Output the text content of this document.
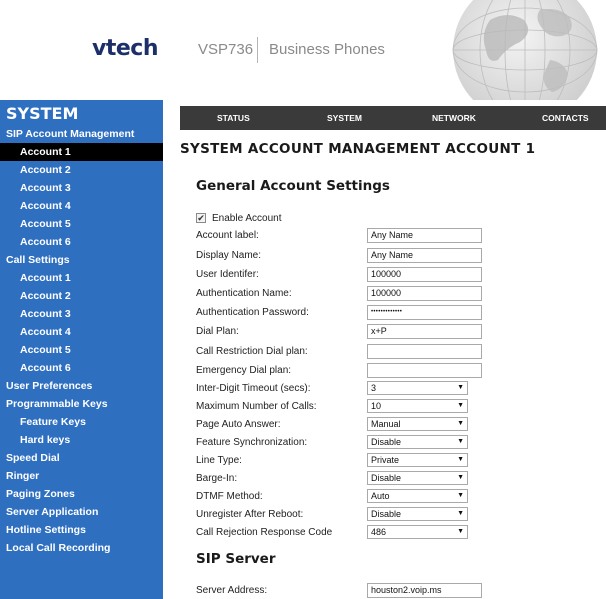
vtech	VSP736 Business Phones
SYSTEM
SIP Account Management
Account 1
Account 2
Account 3
Account 4
Account 5
Account 6
Call Settings
Account 1
Account 2
Account 3
Account 4
Account 5
Account 6
User Preferences
Programmable Keys
Feature Keys
Hard keys
Speed Dial
Ringer
Paging Zones
Server Application
Hotline Settings
Local Call Recording
STATUS	SYSTEM	NETWORK	CONTACTS
SYSTEM ACCOUNT MANAGEMENT ACCOUNT 1
General Account Settings
✔ Enable Account
Account label:	Any Name
Display Name:	Any Name
User Identifer:	100000
Authentication Name:	100000
Authentication Password:	•••••••••••••
Dial Plan:	x+P
Call Restriction Dial plan:
Emergency Dial plan:
Inter-Digit Timeout (secs):	3	▼
Maximum Number of Calls:	10	▼
Page Auto Answer:	Manual	▼
Feature Synchronization:	Disable	▼
Line Type:	Private	▼
Barge-In:	Disable	▼
DTMF Method:	Auto	▼
Unregister After Reboot:	Disable	▼
Call Rejection Response Code	486	▼
SIP Server
Server Address:	houston2.voip.ms
